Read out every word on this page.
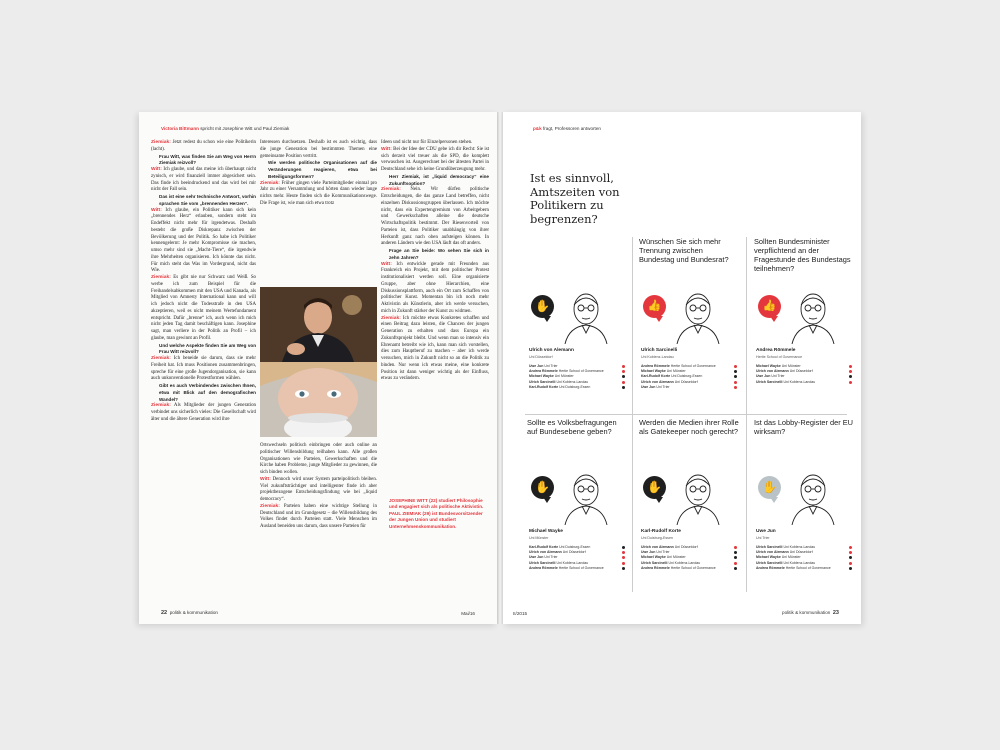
Victoria Bittmann spricht mit Josephine Witt und Paul Ziemiak

Ziemiak: Jetzt redest du schon wie eine Politikerin (lacht).

Frau Witt, was finden Sie am Weg von Herrn Ziemiak reizvoll?

Witt: Ich glaube, und das meine ich überhaupt nicht zynisch, er wird finanziell immer abgesichert sein. Das finde ich beeindruckend und das wird bei mir nicht der Fall sein.

Das ist eine sehr technische Antwort, vorhin sprachen Sie vom „brennenden Herzen“.

Witt: Ich glaube, ein Politiker kann sich kein „brennendes Herz“ erlauben, sondern steht im Endeffekt nicht mehr für irgendetwas. Deshalb besteht die große Diskrepanz zwischen der Bevölkerung und der Politik. So habe ich Politiker kennengelernt: Je mehr Kompromisse sie machen, umso mehr sind sie „Macht-Tiere“, die irgendwie ihre Mehrheiten organisieren. Ich könnte das nicht. Für mich steht das Was im Vordergrund, nicht das Wie.

Ziemiak: Es gibt nie nur Schwarz und Weiß. So werbe ich zum Beispiel für die Freihandelsabkommen mit den USA und Kanada, als Mitglied von Amnesty International kann und will ich jedoch nicht die Todesstrafe in den USA akzeptieren, weil es nicht meinem Wertefundament entspricht. Dafür „brenne“ ich, auch wenn ich mich nicht jeden Tag damit beschäftigen kann. Josephine sagt, man verliere in der Politik an Profil – ich glaube, man gewinnt an Profil.

Und welche Aspekte finden Sie am Weg von Frau Witt reizvoll?

Ziemiak: Ich beneide sie darum, dass sie mehr Freiheit hat. Ich muss Positionen zusammenbringen, spreche für eine große Jugendorganisation, sie kann auch unkonventionelle Protestformen wählen.

Gibt es auch Verbindendes zwischen Ihnen, etwa mit Blick auf den demografischen Wandel?

Ziemiak: Als Mitglieder der jungen Generation verbindet uns sicherlich vieles: Die Gesellschaft wird älter und die ältere Generation wird ihre

Interessen durchsetzen. Deshalb ist es auch wichtig, dass die junge Generation bei bestimmten Themen eine gemeinsame Position vertritt.

Wie werden politische Organisationen auf die Veränderungen reagieren, etwa bei Beteiligungsformen?

Ziemiak: Früher gingen viele Parteimitglieder einmal pro Jahr zu einer Versammlung und hörten dann wieder lange nichts mehr. Heute finden sich die Kommunikationswege. Die Frage ist, wie man sich etwa trotz

Ortswechseln politisch einbringen oder auch online an politischer Willensbildung teilhaben kann. Alle großen Organisationen wie Parteien, Gewerkschaften und die Kirche haben Probleme, junge Mitglieder zu gewinnen, die sich binden wollen.

Witt: Dennoch wird unser System parteipolitisch bleiben. Viel zukunftsträchtiger und intelligenter finde ich aber projektbezogene Entscheidungsfindung wie bei „liquid democracy“.

Ziemiak: Parteien haben eine wichtige Stellung in Deutschland und im Grundgesetz – die Willensbildung des Volkes findet durch Parteien statt. Viele Menschen im Ausland beneiden uns darum, dass unsere Parteien für

Ideen und nicht nur für Einzelpersonen stehen.

Witt: Bei der Idee der CDU gebe ich dir Recht: Sie ist sich derzeit viel treuer als die SPD, die komplett verwaschen ist. Ausgerechnet bei der ältesten Partei in Deutschland sehe ich keine Grundüberzeugung mehr.

Herr Ziemiak, ist „liquid democracy“ eine Zukunftsoption?

Ziemiak: Nein. Wir dürfen politische Entscheidungen, die das ganze Land betreffen, nicht einzelnen Diskussionsgruppen überlassen. Ich möchte nicht, dass ein Expertengremium von Arbeitgebern und Gewerkschaften alleine die deutsche Wirtschaftspolitik bestimmt. Der Riesenvorteil von Parteien ist, dass Politiker unabhängig von ihrer Herkunft ganz nach oben aufsteigen können. In anderen Ländern wie den USA läuft das oft anders.

Frage an Sie beide: Wo sehen Sie sich in zehn Jahren?

Witt: Ich entwickle gerade mit Freunden aus Frankreich ein Projekt, mit dem politischer Protest institutionalisiert werden soll. Eine organisierte Gruppe, aber ohne Hierarchien, eine Diskussionsplattform, auch ein Ort zum Schaffen von politischer Kunst. Momentan bin ich noch mehr Aktivistin als Künstlerin, aber ich werde versuchen, mich in Zukunft stärker der Kunst zu widmen.

Ziemiak: Ich möchte etwas Konkretes schaffen und einen Beitrag dazu leisten, die Chancen der jungen Generation zu erhalten und dass Europa ein Zukunftsprojekt bleibt. Und wenn man so intensiv ein Ehrenamt betreibt wie ich, kann man sich vorstellen, dies zum Hauptberuf zu machen – aber ich werde versuchen, mich in Zukunft nicht so an die Politik zu binden. Nur wenn ich etwas meine, eine konkrete Position ist dann weniger wichtig als der Einfluss, etwas zu verändern.

JOSEPHINE WITT (22) studiert Philosophie und engagiert sich als politische Aktivistin. PAUL ZIEMIAK (29) ist Bundesvorsitzender der Jungen Union und studiert Unternehmenskommunikation.
22 politik & kommunikation	Mai/16
p&k fragt, Professoren antworten
Ist es sinnvoll, Amtszeiten von Politikern zu begrenzen?
✋
Ulrich von Alemann
Uni Düsseldorf
Uwe Jun Uni Trier
Andrea Römmele Hertie School of Governance
Michael Wayke Uni Münster
Ulrich Sarcinelli Uni Koblenz-Landau
Karl-Rudolf Korte Uni Duisburg-Essen
Wünschen Sie sich mehr Trennung zwischen Bundestag und Bundesrat?
👍
Ulrich Sarcinelli
Uni Koblenz-Landau
Andrea Römmele Hertie School of Governance
Michael Wayke Uni Münster
Karl-Rudolf Korte Uni Duisburg-Essen
Ulrich von Alemann Uni Düsseldorf
Uwe Jun Uni Trier
Sollten Bundesminister verpflichtend an der Fragestunde des Bundestags teilnehmen?
👍
Andrea Römmele
Hertie School of Governance
Michael Wayke Uni Münster
Ulrich von Alemann Uni Düsseldorf
Uwe Jun Uni Trier
Ulrich Sarcinelli Uni Koblenz-Landau
Sollte es Volksbefragungen auf Bundesebene geben?
✋
Michael Wayke
Uni Münster
Karl-Rudolf Korte Uni Duisburg-Essen
Ulrich von Alemann Uni Düsseldorf
Uwe Jun Uni Trier
Ulrich Sarcinelli Uni Koblenz-Landau
Andrea Römmele Hertie School of Governance
Werden die Medien ihrer Rolle als Gatekeeper noch gerecht?
✋
Karl-Rudolf Korte
Uni Duisburg-Essen
Ulrich von Alemann Uni Düsseldorf
Uwe Jun Uni Trier
Michael Wayke Uni Münster
Ulrich Sarcinelli Uni Koblenz-Landau
Andrea Römmele Hertie School of Governance
Ist das Lobby-Register der EU wirksam?
✋
Uwe Jun
Uni Trier
Ulrich Sarcinelli Uni Koblenz-Landau
Ulrich von Alemann Uni Düsseldorf
Michael Wayke Uni Münster
Ulrich Sarcinelli Uni Koblenz-Landau
Andrea Römmele Hertie School of Governance
II/2015	politik & kommunikation 23
